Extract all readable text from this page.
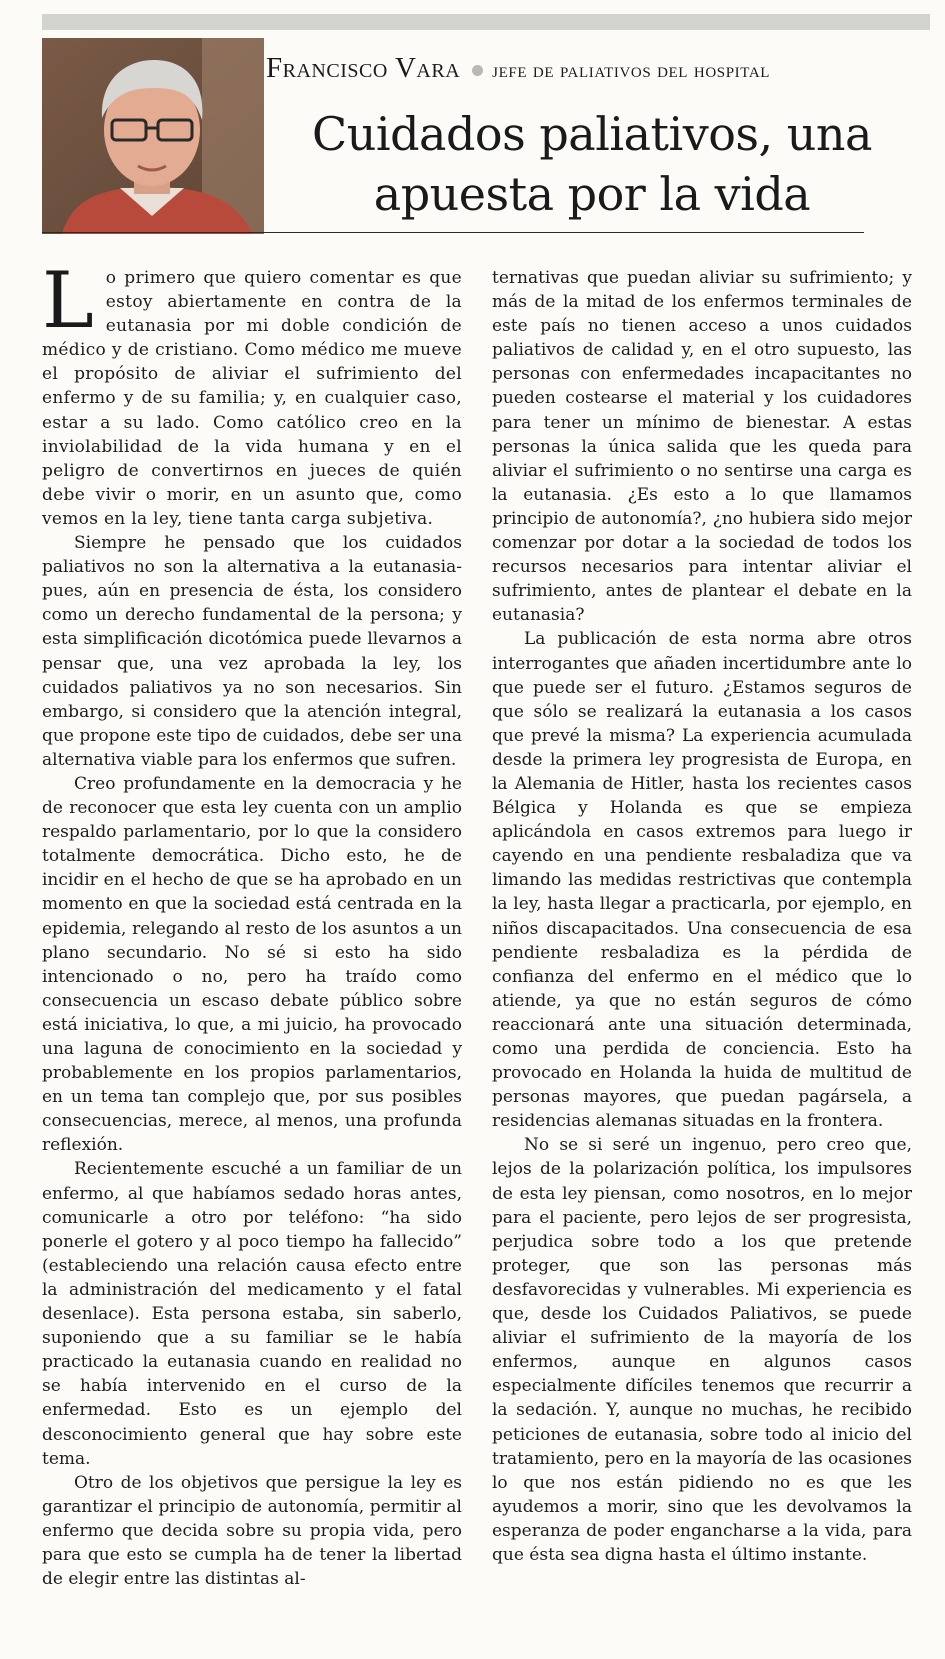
Francisco Vara jefe de paliativos del hospital
Cuidados paliativos, una
apuesta por la vida

Lo primero que quiero comentar es que estoy abiertamente en contra de la eutanasia por mi doble condición de médico y de cristiano. Como médico me mueve el propósito de aliviar el sufrimiento del enfermo y de su familia; y, en cualquier caso, estar a su lado. Como católico creo en la inviolabilidad de la vida humana y en el peligro de convertirnos en jueces de quién debe vivir o morir, en un asunto que, como vemos en la ley, tiene tanta carga subjetiva.

Siempre he pensado que los cuidados paliativos no son la alternativa a la eutanasia-pues, aún en presencia de ésta, los considero como un derecho fundamental de la persona; y esta simplificación dicotómica puede llevarnos a pensar que, una vez aprobada la ley, los cuidados paliativos ya no son necesarios. Sin embargo, si considero que la atención integral, que propone este tipo de cuidados, debe ser una alternativa viable para los enfermos que sufren.

Creo profundamente en la democracia y he de reconocer que esta ley cuenta con un amplio respaldo parlamentario, por lo que la considero totalmente democrática. Dicho esto, he de incidir en el hecho de que se ha aprobado en un momento en que la sociedad está centrada en la epidemia, relegando al resto de los asuntos a un plano secundario. No sé si esto ha sido intencionado o no, pero ha traído como consecuencia un escaso debate público sobre está iniciativa, lo que, a mi juicio, ha provocado una laguna de conocimiento en la sociedad y probablemente en los propios parlamentarios, en un tema tan complejo que, por sus posibles consecuencias, merece, al menos, una profunda reflexión.

Recientemente escuché a un familiar de un enfermo, al que habíamos sedado horas antes, comunicarle a otro por teléfono: “ha sido ponerle el gotero y al poco tiempo ha fallecido” (estableciendo una relación causa efecto entre la administración del medicamento y el fatal desenlace). Esta persona estaba, sin saberlo, suponiendo que a su familiar se le había practicado la eutanasia cuando en realidad no se había intervenido en el curso de la enfermedad. Esto es un ejemplo del desconocimiento general que hay sobre este tema.

Otro de los objetivos que persigue la ley es garantizar el principio de autonomía, permitir al enfermo que decida sobre su propia vida, pero para que esto se cumpla ha de tener la libertad de elegir entre las distintas al-

ternativas que puedan aliviar su sufrimiento; y más de la mitad de los enfermos terminales de este país no tienen acceso a unos cuidados paliativos de calidad y, en el otro supuesto, las personas con enfermedades incapacitantes no pueden costearse el material y los cuidadores para tener un mínimo de bienestar. A estas personas la única salida que les queda para aliviar el sufrimiento o no sentirse una carga es la eutanasia. ¿Es esto a lo que llamamos principio de autonomía?, ¿no hubiera sido mejor comenzar por dotar a la sociedad de todos los recursos necesarios para intentar aliviar el sufrimiento, antes de plantear el debate en la eutanasia?

La publicación de esta norma abre otros interrogantes que añaden incertidumbre ante lo que puede ser el futuro. ¿Estamos seguros de que sólo se realizará la eutanasia a los casos que prevé la misma? La experiencia acumulada desde la primera ley progresista de Europa, en la Alemania de Hitler, hasta los recientes casos Bélgica y Holanda es que se empieza aplicándola en casos extremos para luego ir cayendo en una pendiente resbaladiza que va limando las medidas restrictivas que contempla la ley, hasta llegar a practicarla, por ejemplo, en niños discapacitados. Una consecuencia de esa pendiente resbaladiza es la pérdida de confianza del enfermo en el médico que lo atiende, ya que no están seguros de cómo reaccionará ante una situación determinada, como una perdida de conciencia. Esto ha provocado en Holanda la huida de multitud de personas mayores, que puedan pagársela, a residencias alemanas situadas en la frontera.

No se si seré un ingenuo, pero creo que, lejos de la polarización política, los impulsores de esta ley piensan, como nosotros, en lo mejor para el paciente, pero lejos de ser progresista, perjudica sobre todo a los que pretende proteger, que son las personas más desfavorecidas y vulnerables. Mi experiencia es que, desde los Cuidados Paliativos, se puede aliviar el sufrimiento de la mayoría de los enfermos, aunque en algunos casos especialmente difíciles tenemos que recurrir a la sedación. Y, aunque no muchas, he recibido peticiones de eutanasia, sobre todo al inicio del tratamiento, pero en la mayoría de las ocasiones lo que nos están pidiendo no es que les ayudemos a morir, sino que les devolvamos la esperanza de poder engancharse a la vida, para que ésta sea digna hasta el último instante.
